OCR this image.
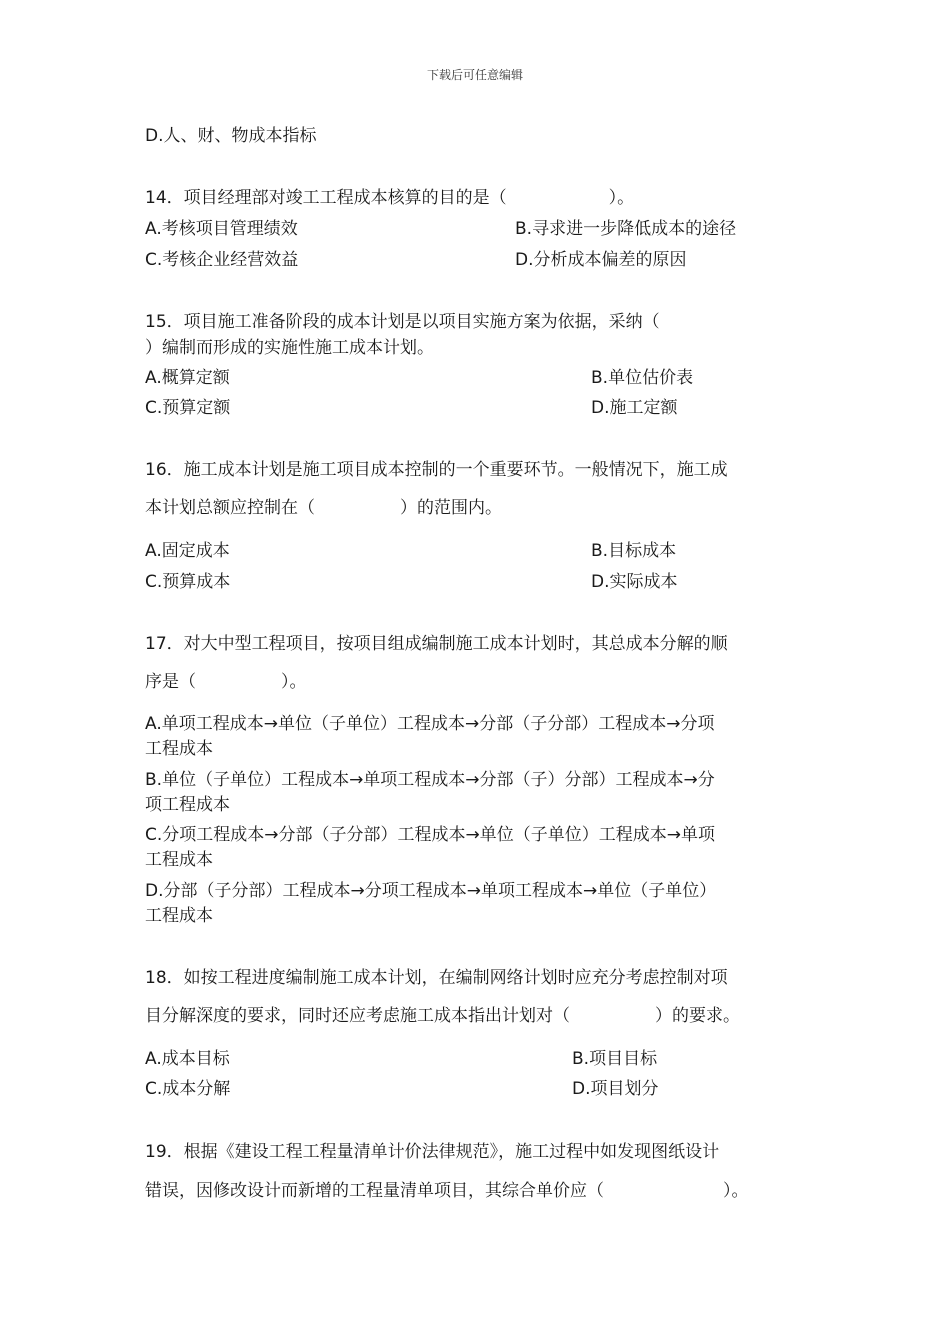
下载后可任意编辑
D.人、财、物成本指标
14．项目经理部对竣工工程成本核算的目的是（　　　　　　）。
A.考核项目管理绩效	B.寻求进一步降低成本的途径
C.考核企业经营效益	D.分析成本偏差的原因
15．项目施工准备阶段的成本计划是以项目实施方案为依据，采纳（
）编制而形成的实施性施工成本计划。
A.概算定额	B.单位估价表
C.预算定额	D.施工定额
16．施工成本计划是施工项目成本控制的一个重要环节。一般情况下，施工成
本计划总额应控制在（　　　　　）的范围内。
A.固定成本	B.目标成本
C.预算成本	D.实际成本
17．对大中型工程项目，按项目组成编制施工成本计划时，其总成本分解的顺
序是（　　　　　）。
A.单项工程成本→单位（子单位）工程成本→分部（子分部）工程成本→分项
工程成本
B.单位（子单位）工程成本→单项工程成本→分部（子）分部）工程成本→分
项工程成本
C.分项工程成本→分部（子分部）工程成本→单位（子单位）工程成本→单项
工程成本
D.分部（子分部）工程成本→分项工程成本→单项工程成本→单位（子单位）
工程成本
18．如按工程进度编制施工成本计划，在编制网络计划时应充分考虑控制对项
目分解深度的要求，同时还应考虑施工成本指出计划对（　　　　　）的要求。
A.成本目标	B.项目目标
C.成本分解	D.项目划分
19．根据《建设工程工程量清单计价法律规范》，施工过程中如发现图纸设计
错误，因修改设计而新增的工程量清单项目，其综合单价应（　　　　　　　）。
